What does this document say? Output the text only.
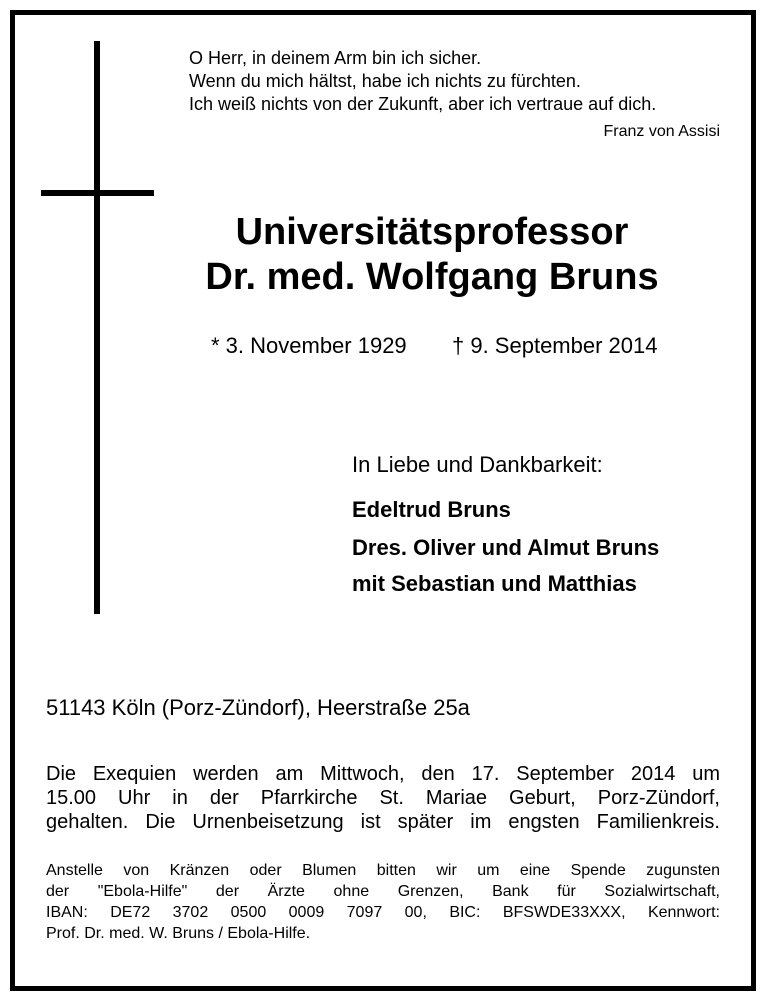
O Herr, in deinem Arm bin ich sicher.
Wenn du mich hältst, habe ich nichts zu fürchten.
Ich weiß nichts von der Zukunft, aber ich vertraue auf dich.
Franz von Assisi
Universitätsprofessor
Dr. med. Wolfgang Bruns
* 3. November 1929 † 9. September 2014
In Liebe und Dankbarkeit:
Edeltrud Bruns
Dres. Oliver und Almut Bruns
mit Sebastian und Matthias
51143 Köln (Porz-Zündorf), Heerstraße 25a
Die Exequien werden am Mittwoch, den 17. September 2014 um
15.00 Uhr in der Pfarrkirche St. Mariae Geburt, Porz-Zündorf,
gehalten. Die Urnenbeisetzung ist später im engsten Familienkreis.
Anstelle von Kränzen oder Blumen bitten wir um eine Spende zugunsten
der "Ebola-Hilfe" der Ärzte ohne Grenzen, Bank für Sozialwirtschaft,
IBAN: DE72 3702 0500 0009 7097 00, BIC: BFSWDE33XXX, Kennwort:
Prof. Dr. med. W. Bruns / Ebola-Hilfe.
